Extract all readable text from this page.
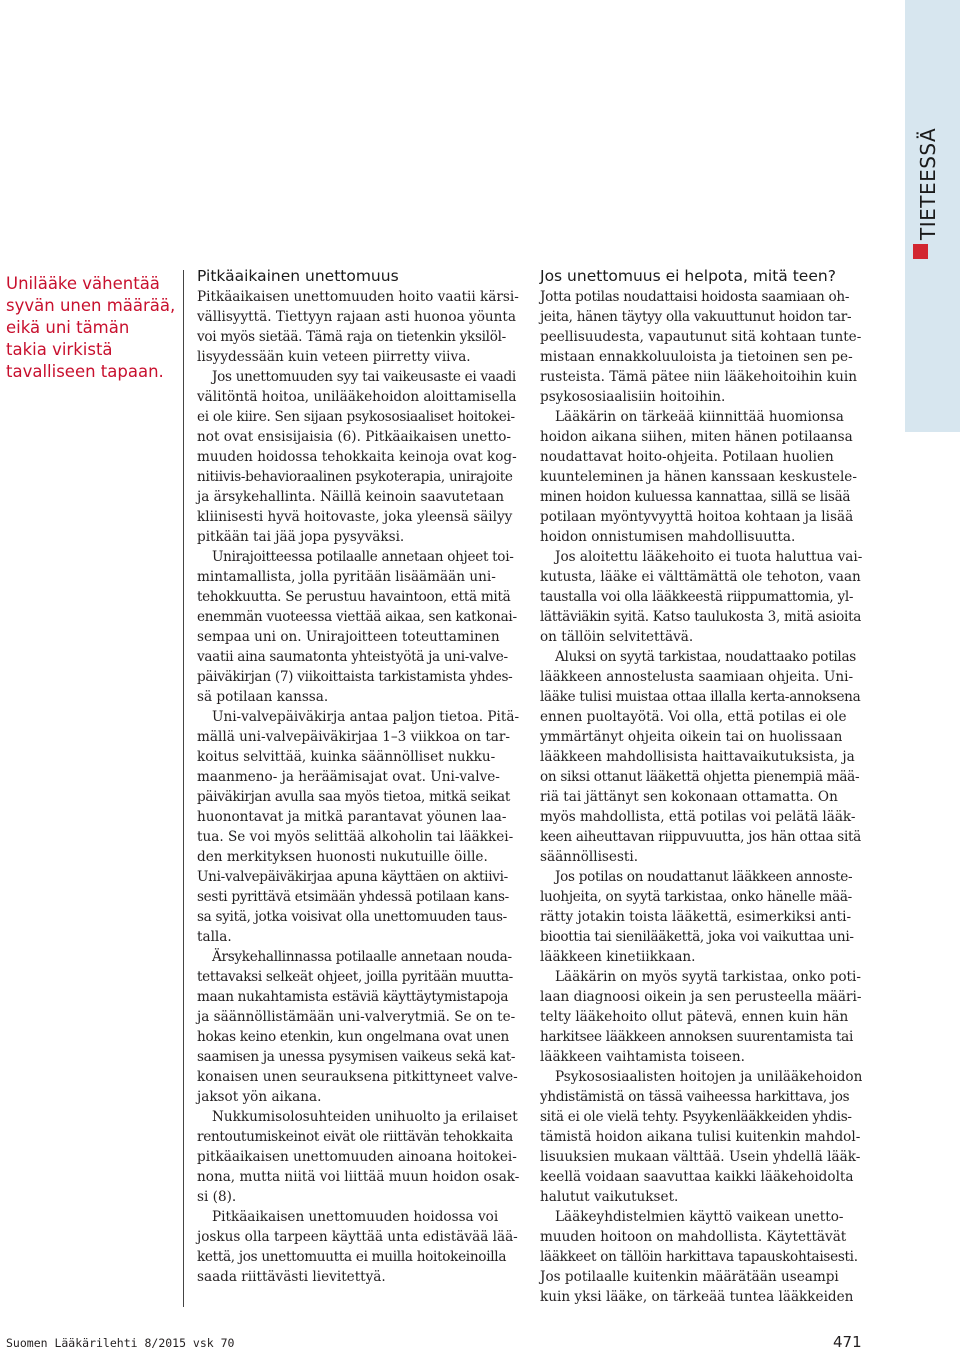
TIETEESSÄ
Unilääke vähentää
syvän unen määrää,
eikä uni tämän
takia virkistä
tavalliseen tapaan.
Pitkäaikainen unettomuus
Pitkäaikaisen unettomuuden hoito vaatii kärsi-
vällisyyttä. Tiettyyn rajaan asti huonoa yöunta
voi myös sietää. Tämä raja on tietenkin yksilöl-
lisyydessään kuin veteen piirretty viiva.
Jos unettomuuden syy tai vaikeusaste ei vaadi
välitöntä hoitoa, unilääkehoidon aloittamisella
ei ole kiire. Sen sijaan psykososiaaliset hoitokei-
not ovat ensisijaisia (6). Pitkäaikaisen unetto-
muuden hoidossa tehokkaita keinoja ovat kog-
nitiivis-behavioraalinen psykoterapia, unirajoite
ja ärsykehallinta. Näillä keinoin saavutetaan
kliinisesti hyvä hoitovaste, joka yleensä säilyy
pitkään tai jää jopa pysyväksi.
Unirajoitteessa potilaalle annetaan ohjeet toi-
mintamallista, jolla pyritään lisäämään uni-
tehokkuutta. Se perustuu havaintoon, että mitä
enemmän vuoteessa viettää aikaa, sen katkonai-
sempaa uni on. Unirajoitteen toteuttaminen
vaatii aina saumatonta yhteistyötä ja uni-valve-
päiväkirjan (7) viikoittaista tarkistamista yhdes-
sä potilaan kanssa.
Uni-valvepäiväkirja antaa paljon tietoa. Pitä-
mällä uni-valvepäiväkirjaa 1–3 viikkoa on tar-
koitus selvittää, kuinka säännölliset nukku-
maanmeno- ja heräämisajat ovat. Uni-valve-
päiväkirjan avulla saa myös tietoa, mitkä seikat
huonontavat ja mitkä parantavat yöunen laa-
tua. Se voi myös selittää alkoholin tai lääkkei-
den merkityksen huonosti nukutuille öille.
Uni-valvepäiväkirjaa apuna käyttäen on aktiivi-
sesti pyrittävä etsimään yhdessä potilaan kans-
sa syitä, jotka voisivat olla unettomuuden taus-
talla.
Ärsykehallinnassa potilaalle annetaan nouda-
tettavaksi selkeät ohjeet, joilla pyritään muutta-
maan nukahtamista estäviä käyttäytymistapoja
ja säännöllistämään uni-valverytmiä. Se on te-
hokas keino etenkin, kun ongelmana ovat unen
saamisen ja unessa pysymisen vaikeus sekä kat-
konaisen unen seurauksena pitkittyneet valve-
jaksot yön aikana.
Nukkumisolosuhteiden unihuolto ja erilaiset
rentoutumiskeinot eivät ole riittävän tehokkaita
pitkäaikaisen unettomuuden ainoana hoitokei-
nona, mutta niitä voi liittää muun hoidon osak-
si (8).
Pitkäaikaisen unettomuuden hoidossa voi
joskus olla tarpeen käyttää unta edistävää lää-
kettä, jos unettomuutta ei muilla hoitokeinoilla
saada riittävästi lievitettyä.
Jos unettomuus ei helpota, mitä teen?
Jotta potilas noudattaisi hoidosta saamiaan oh-
jeita, hänen täytyy olla vakuuttunut hoidon tar-
peellisuudesta, vapautunut sitä kohtaan tunte-
mistaan ennakkoluuloista ja tietoinen sen pe-
rusteista. Tämä pätee niin lääkehoitoihin kuin
psykososiaalisiin hoitoihin.
Lääkärin on tärkeää kiinnittää huomionsa
hoidon aikana siihen, miten hänen potilaansa
noudattavat hoito-ohjeita. Potilaan huolien
kuunteleminen ja hänen kanssaan keskustele-
minen hoidon kuluessa kannattaa, sillä se lisää
potilaan myöntyvyyttä hoitoa kohtaan ja lisää
hoidon onnistumisen mahdollisuutta.
Jos aloitettu lääkehoito ei tuota haluttua vai-
kutusta, lääke ei välttämättä ole tehoton, vaan
taustalla voi olla lääkkeestä riippumattomia, yl-
lättäviäkin syitä. Katso taulukosta 3, mitä asioita
on tällöin selvitettävä.
Aluksi on syytä tarkistaa, noudattaako potilas
lääkkeen annostelusta saamiaan ohjeita. Uni-
lääke tulisi muistaa ottaa illalla kerta-annoksena
ennen puoltayötä. Voi olla, että potilas ei ole
ymmärtänyt ohjeita oikein tai on huolissaan
lääkkeen mahdollisista haittavaikutuksista, ja
on siksi ottanut lääkettä ohjetta pienempiä mää-
riä tai jättänyt sen kokonaan ottamatta. On
myös mahdollista, että potilas voi pelätä lääk-
keen aiheuttavan riippuvuutta, jos hän ottaa sitä
säännöllisesti.
Jos potilas on noudattanut lääkkeen annoste-
luohjeita, on syytä tarkistaa, onko hänelle mää-
rätty jotakin toista lääkettä, esimerkiksi anti-
bioottia tai sienilääkettä, joka voi vaikuttaa uni-
lääkkeen kinetiikkaan.
Lääkärin on myös syytä tarkistaa, onko poti-
laan diagnoosi oikein ja sen perusteella määri-
telty lääkehoito ollut pätevä, ennen kuin hän
harkitsee lääkkeen annoksen suurentamista tai
lääkkeen vaihtamista toiseen.
Psykososiaalisten hoitojen ja unilääkehoidon
yhdistämistä on tässä vaiheessa harkittava, jos
sitä ei ole vielä tehty. Psyykenlääkkeiden yhdis-
tämistä hoidon aikana tulisi kuitenkin mahdol-
lisuuksien mukaan välttää. Usein yhdellä lääk-
keellä voidaan saavuttaa kaikki lääkehoidolta
halutut vaikutukset.
Lääkeyhdistelmien käyttö vaikean unetto-
muuden hoitoon on mahdollista. Käytettävät
lääkkeet on tällöin harkittava tapauskohtaisesti.
Jos potilaalle kuitenkin määrätään useampi
kuin yksi lääke, on tärkeää tuntea lääkkeiden
Suomen Lääkärilehti 8/2015 vsk 70	471
